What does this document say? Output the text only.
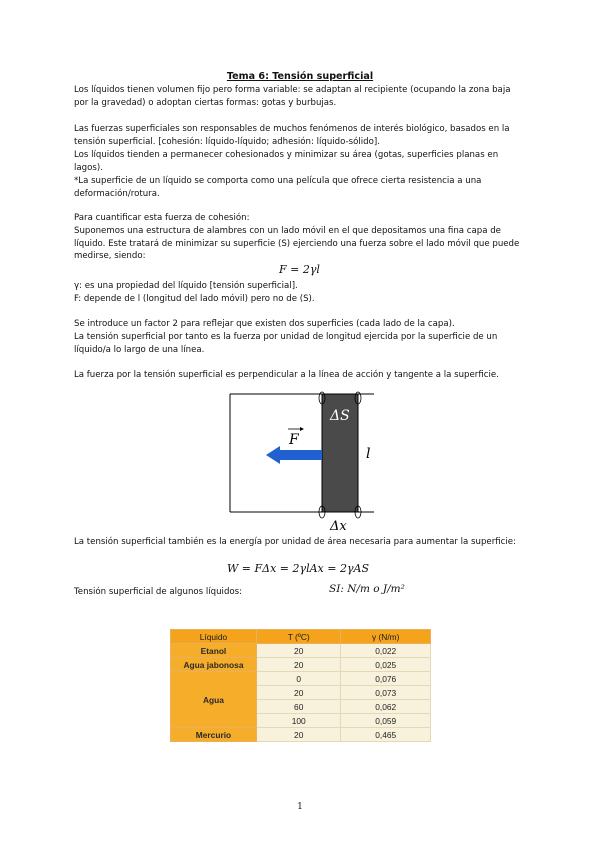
Tema 6: Tensión superficial

Los líquidos tienen volumen fijo pero forma variable: se adaptan al recipiente (ocupando la zona baja por la gravedad) o adoptan ciertas formas: gotas y burbujas.

Las fuerzas superficiales son responsables de muchos fenómenos de interés biológico, basados en la tensión superficial. [cohesión: líquido-líquido; adhesión: líquido-sólido].

Los líquidos tienden a permanecer cohesionados y minimizar su área (gotas, superficies planas en lagos).

*La superficie de un líquido se comporta como una película que ofrece cierta resistencia a una deformación/rotura.

Para cuantificar esta fuerza de cohesión:

Suponemos una estructura de alambres con un lado móvil en el que depositamos una fina capa de líquido. Este tratará de minimizar su superficie (S) ejerciendo una fuerza sobre el lado móvil que puede medirse, siendo:

F = 2γl

γ: es una propiedad del líquido [tensión superficial].

F: depende de l (longitud del lado móvil) pero no de (S).

Se introduce un factor 2 para reflejar que existen dos superficies (cada lado de la capa).

La tensión superficial por tanto es la fuerza por unidad de longitud ejercida por la superficie de un líquido/a lo largo de una línea.

La fuerza por la tensión superficial es perpendicular a la línea de acción y tangente a la superficie.

ΔS
F
l
Δx

La tensión superficial también es la energía por unidad de área necesaria para aumentar la superficie:

W = FΔx = 2γlAx = 2γAS

Tensión superficial de algunos líquidos:	SI: N/m o J/m²
Líquido	T (ºC)	γ (N/m)
Etanol	20	0,022
Agua jabonosa	20	0,025
Agua	0	0,076
	20	0,073
	60	0,062
	100	0,059
Mercurio	20	0,465
1
